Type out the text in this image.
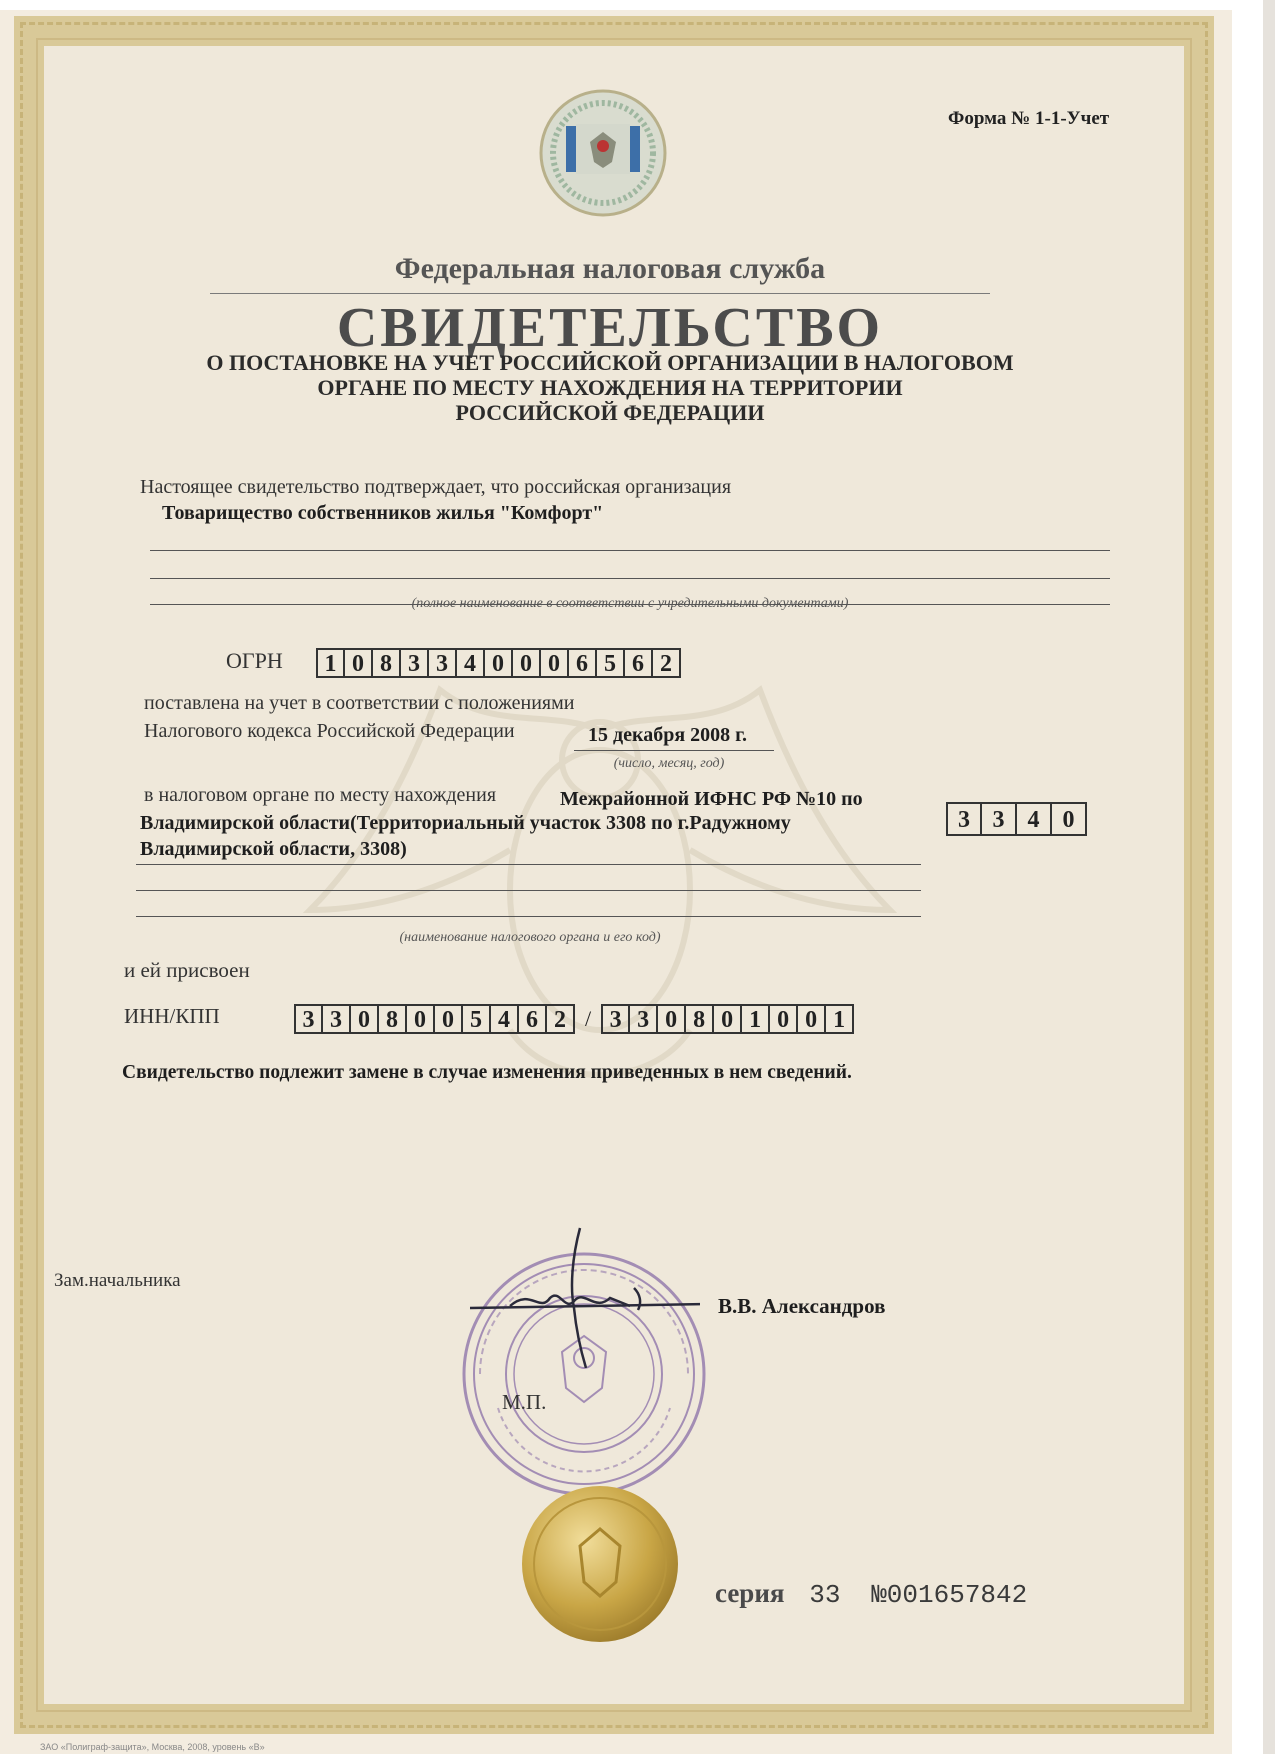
Форма № 1-1-Учет
Федеральная налоговая служба
СВИДЕТЕЛЬСТВО
О ПОСТАНОВКЕ НА УЧЕТ РОССИЙСКОЙ ОРГАНИЗАЦИИ В НАЛОГОВОМ
ОРГАНЕ ПО МЕСТУ НАХОЖДЕНИЯ НА ТЕРРИТОРИИ
РОССИЙСКОЙ ФЕДЕРАЦИИ
Настоящее свидетельство подтверждает, что российская организация
Товарищество собственников жилья "Комфорт"
(полное наименование в соответствии с учредительными документами)
ОГРН	1 0 8 3 3 4 0 0 0 6 5 6 2
поставлена на учет в соответствии с положениями
Налогового кодекса Российской Федерации	15 декабря 2008 г.
(число, месяц, год)
в налоговом органе по месту нахождения	Межрайонной ИФНС РФ №10 по
Владимирской области(Территориальный участок 3308 по г.Радужному
Владимирской области, 3308)
(наименование налогового органа и его код)
3 3 4 0
и ей присвоен
ИНН/КПП	3 3 0 8 0 0 5 4 6 2 / 3 3 0 8 0 1 0 0 1
Свидетельство подлежит замене в случае изменения приведенных в нем сведений.
Зам.начальника
В.В. Александров
М.П.
серия 33 №001657842
ЗАО «Полиграф-защита», Москва, 2008, уровень «В»
